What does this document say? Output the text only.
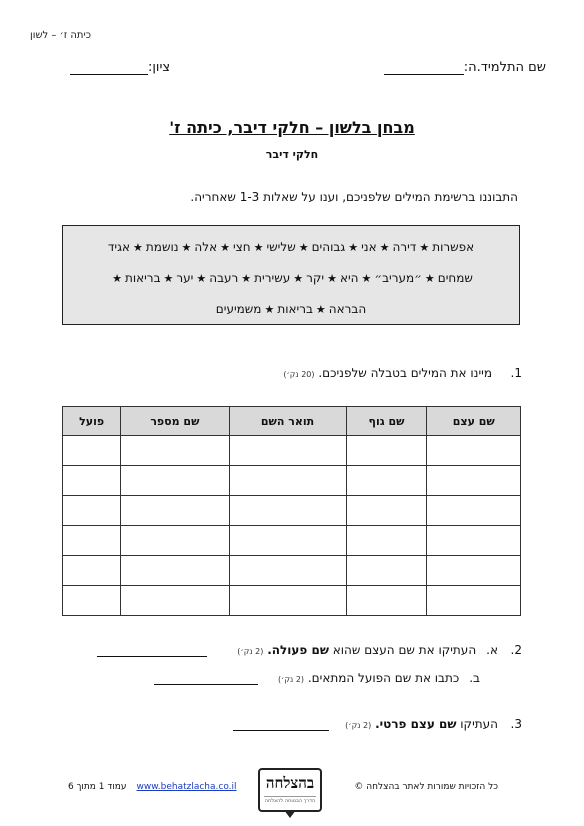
כיתה ז׳ – לשון
שם התלמיד.ה:
ציון:
מבחן בלשון – חלקי דיבר, כיתה ז'
חלקי דיבר
התבוננו ברשימת המילים שלפניכם, וענו על שאלות 1-3 שאחריה.
אפשרות★דירה★אני★גבוהים★שלישי★חצי★אלה★נושמת★אגיד
שמחים★״מעריב״★היא★יקר★עשירית★רעבה★יער★בריאות★
הבראה★בריאות★משמיעים
1.
מיינו את המילים בטבלה שלפניכם. (20 נק׳)
שם עצם	שם גוף	תואר השם	שם מספר	פועל

2.
א.
העתיקו את שם העצם שהוא שם פעולה. (2 נק׳)
ב.
כתבו את שם הפועל המתאים. (2 נק׳)
3.
העתיקו שם עצם פרטי. (2 נק׳)
כל הזכויות שמורות לאתר בהצלחה ©
בהצלחה
הדרך הבטוחה להצלחה
עמוד 1 מתוך 6 www.behatzlacha.co.il
